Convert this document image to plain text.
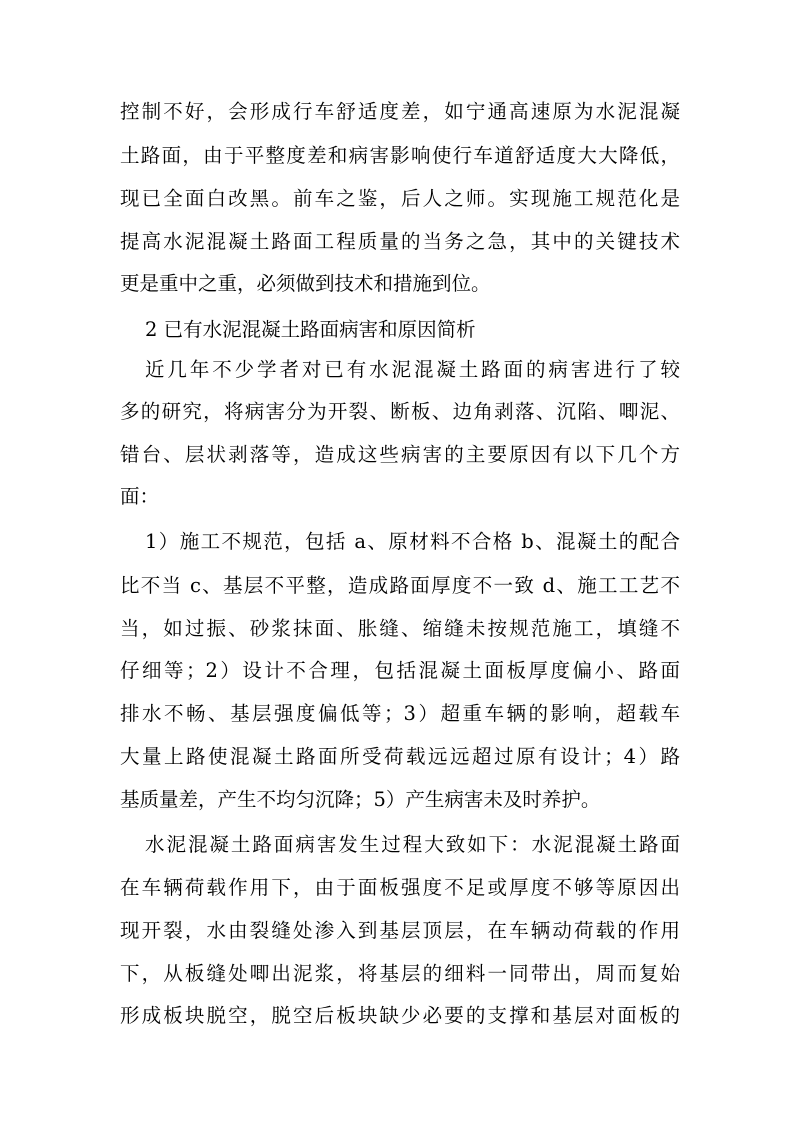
控制不好，会形成行车舒适度差，如宁通高速原为水泥混凝
土路面，由于平整度差和病害影响使行车道舒适度大大降低，
现已全面白改黑。前车之鉴，后人之师。实现施工规范化是
提高水泥混凝土路面工程质量的当务之急，其中的关键技术
更是重中之重，必须做到技术和措施到位。
2 已有水泥混凝土路面病害和原因简析
近几年不少学者对已有水泥混凝土路面的病害进行了较
多的研究，将病害分为开裂、断板、边角剥落、沉陷、唧泥、
错台、层状剥落等，造成这些病害的主要原因有以下几个方
面：
1）施工不规范，包括 a、原材料不合格 b、混凝土的配合
比不当 c、基层不平整，造成路面厚度不一致 d、施工工艺不
当，如过振、砂浆抹面、胀缝、缩缝未按规范施工，填缝不
仔细等；2）设计不合理，包括混凝土面板厚度偏小、路面
排水不畅、基层强度偏低等；3）超重车辆的影响，超载车
大量上路使混凝土路面所受荷载远远超过原有设计；4）路
基质量差，产生不均匀沉降；5）产生病害未及时养护。
水泥混凝土路面病害发生过程大致如下：水泥混凝土路面
在车辆荷载作用下，由于面板强度不足或厚度不够等原因出
现开裂，水由裂缝处渗入到基层顶层，在车辆动荷载的作用
下，从板缝处唧出泥浆，将基层的细料一同带出，周而复始
形成板块脱空，脱空后板块缺少必要的支撑和基层对面板的
